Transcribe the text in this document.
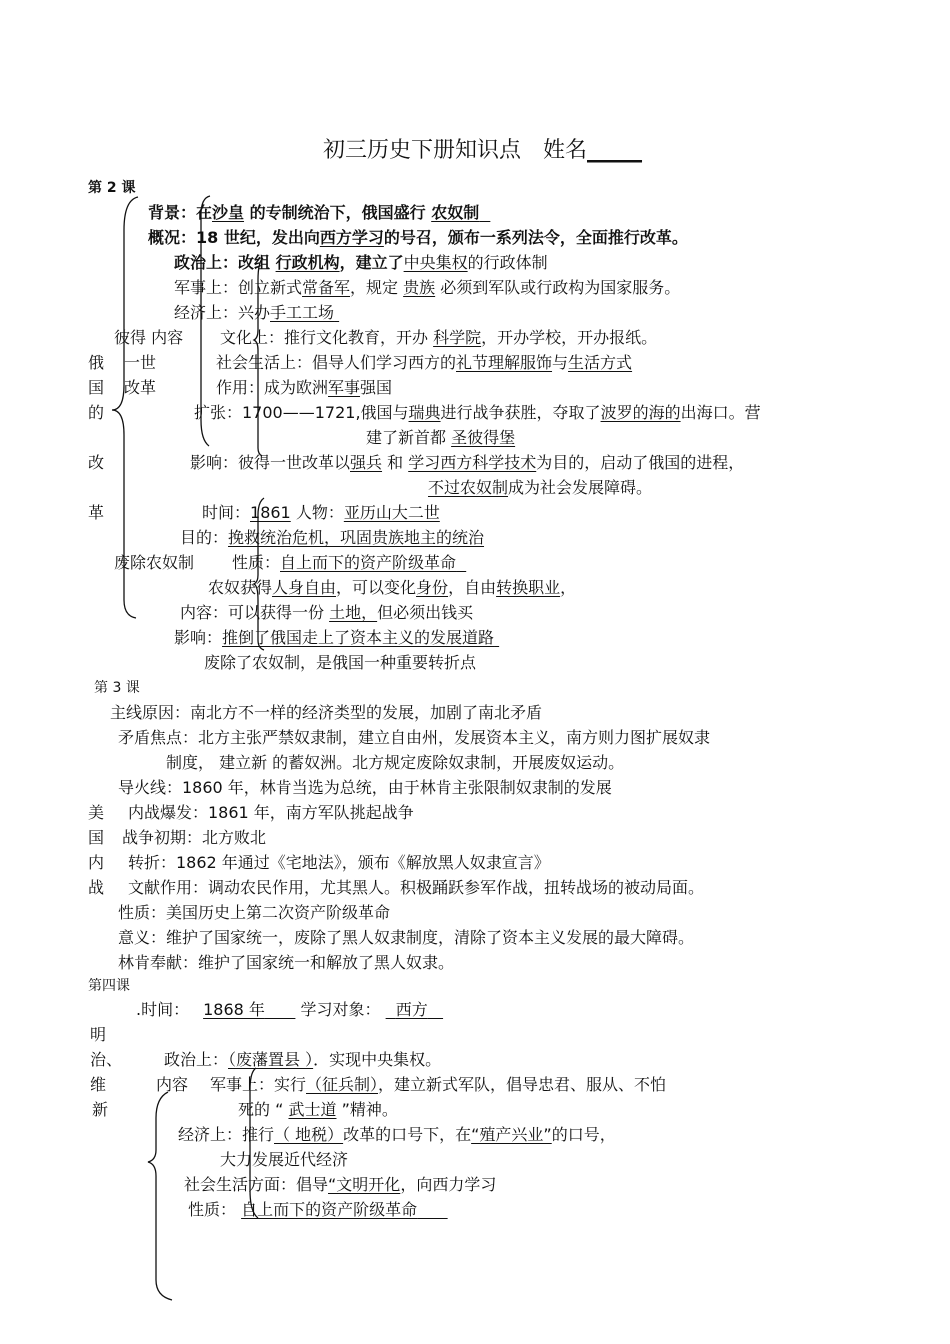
初三历史下册知识点 姓名_____
第 2 课
背景：在沙皇 的专制统治下，俄国盛行 农奴制
概况：18 世纪，发出向西方学习的号召，颁布一系列法令，全面推行改革。
政治上：改组 行政机构，建立了中央集权的行政体制
军事上：创立新式常备军，规定 贵族 必须到军队或行政构为国家服务。
经济上：兴办手工工场
彼得 内容 文化上：推行文化教育，开办 科学院，开办学校，开办报纸。
俄
国
的
改
革
一世
改革
社会生活上：倡导人们学习西方的礼节理解服饰与生活方式
作用：成为欧洲军事强国
扩张：1700——1721,俄国与瑞典进行战争获胜，夺取了波罗的海的出海口。营
建了新首都 圣彼得堡
影响：彼得一世改革以强兵 和 学习西方科学技术为目的，启动了俄国的进程，
不过农奴制成为社会发展障碍。
时间：1861 人物：亚历山大二世
目的：挽救统治危机，巩固贵族地主的统治
废除农奴制 性质：自上而下的资产阶级革命
农奴获得人身自由，可以变化身份，自由转换职业，
内容：可以获得一份 土地，但必须出钱买
影响：推倒了俄国走上了资本主义的发展道路
废除了农奴制，是俄国一种重要转折点
第 3 课
主线原因：南北方不一样的经济类型的发展，加剧了南北矛盾
矛盾焦点：北方主张严禁奴隶制，建立自由州，发展资本主义，南方则力图扩展奴隶
制度， 建立新 的蓄奴洲。北方规定废除奴隶制，开展废奴运动。
导火线：1860 年，林肯当选为总统，由于林肯主张限制奴隶制的发展
美 内战爆发：1861 年，南方军队挑起战争
国 战争初期：北方败北
内 转折：1862 年通过《宅地法》，颁布《解放黑人奴隶宣言》
战 文献作用：调动农民作用，尤其黑人。积极踊跃参军作战，扭转战场的被动局面。
性质：美国历史上第二次资产阶级革命
意义：维护了国家统一，废除了黑人奴隶制度，清除了资本主义发展的最大障碍。
林肯奉献：维护了国家统一和解放了黑人奴隶。
第四课
.时间： 1868 年       学习对象：   西方
明
治、	政治上：（废藩置县 ）．实现中央集权。
维	内容 军事上：实行（征兵制），建立新式军队，倡导忠君、服从、不怕
新	死的 “ 武士道 ”精神。
经济上：推行（ 地税）改革的口号下，在“殖产兴业”的口号，
大力发展近代经济
社会生活方面：倡导“文明开化，向西力学习
性质： 自上而下的资产阶级革命
